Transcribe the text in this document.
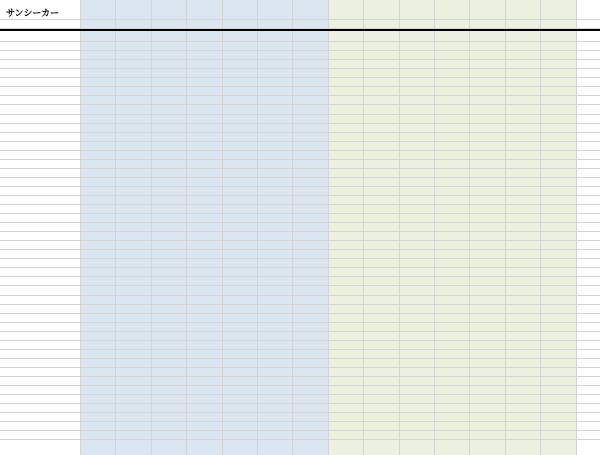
サンシーカー
